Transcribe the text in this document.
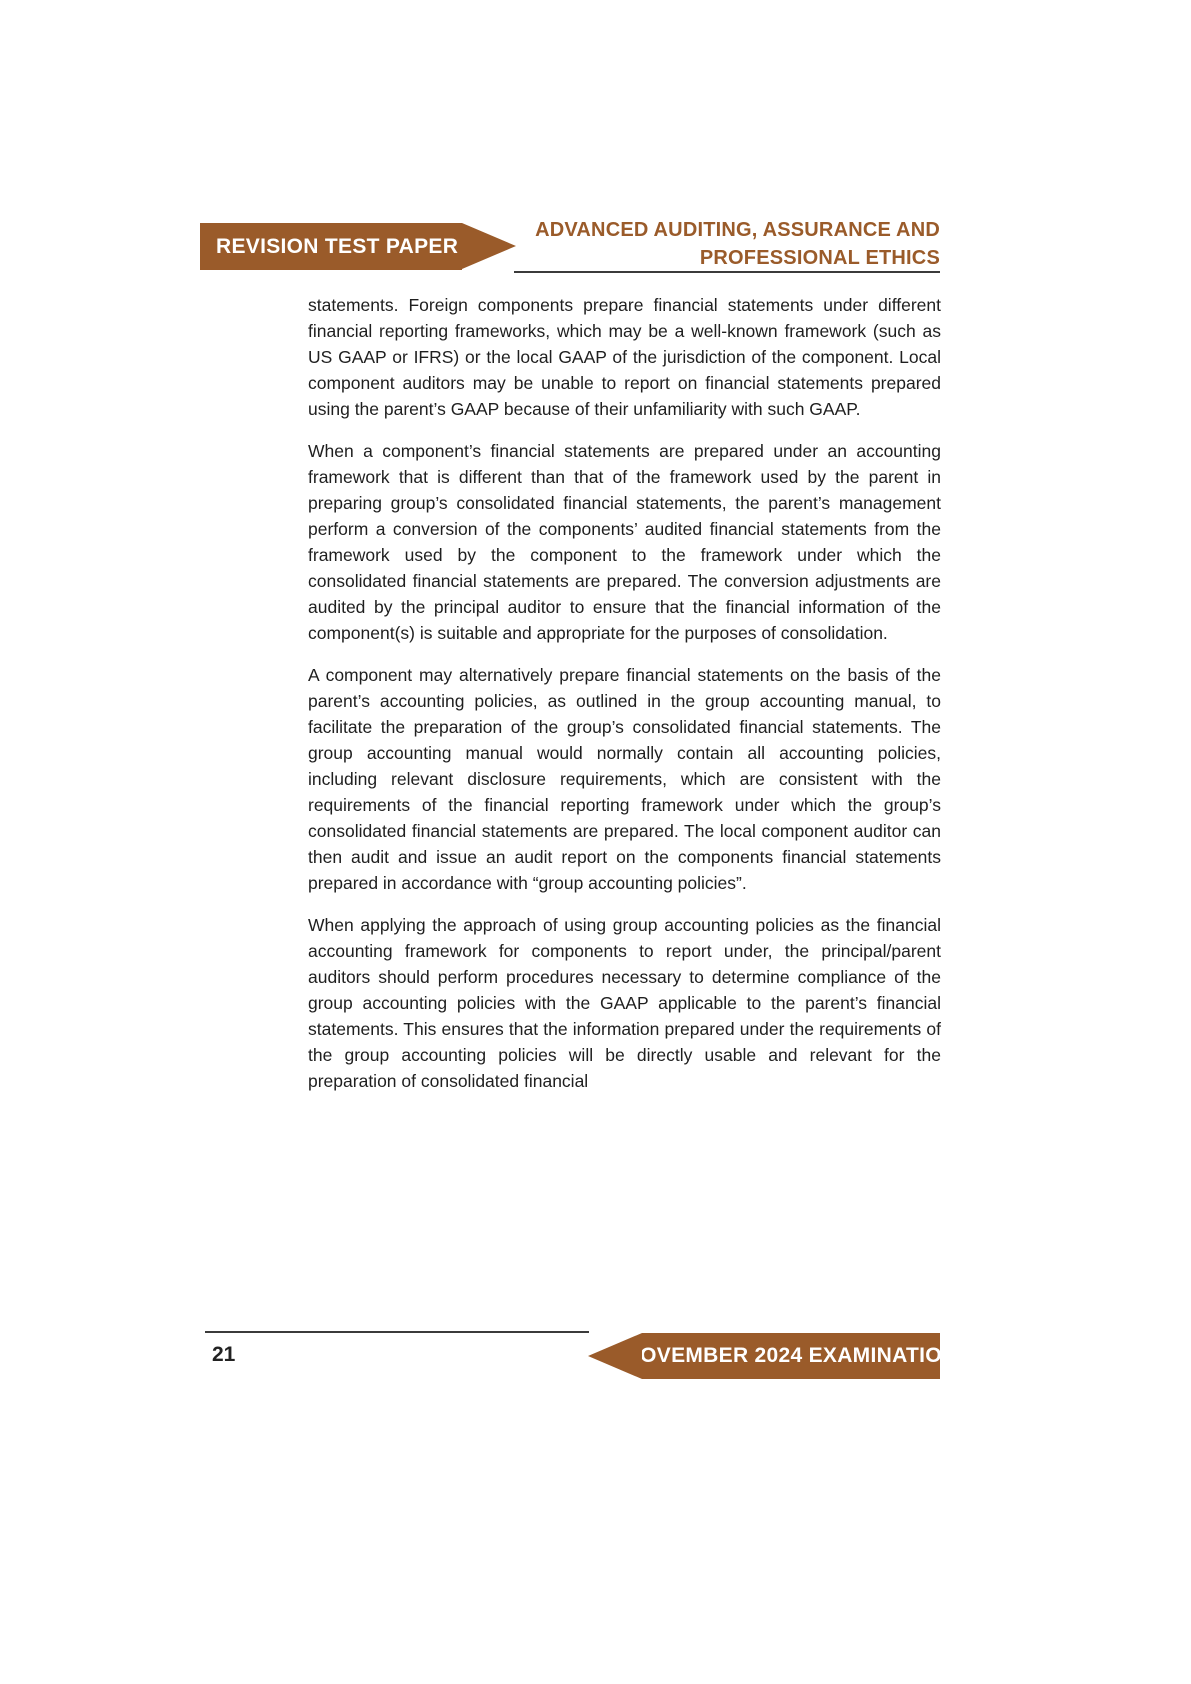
REVISION TEST PAPER
ADVANCED AUDITING, ASSURANCE AND
PROFESSIONAL ETHICS

statements. Foreign components prepare financial statements under different financial reporting frameworks, which may be a well-known framework (such as US GAAP or IFRS) or the local GAAP of the jurisdiction of the component. Local component auditors may be unable to report on financial statements prepared using the parent’s GAAP because of their unfamiliarity with such GAAP.

When a component’s financial statements are prepared under an accounting framework that is different than that of the framework used by the parent in preparing group’s consolidated financial statements, the parent’s management perform a conversion of the components’ audited financial statements from the framework used by the component to the framework under which the consolidated financial statements are prepared. The conversion adjustments are audited by the principal auditor to ensure that the financial information of the component(s) is suitable and appropriate for the purposes of consolidation.

A component may alternatively prepare financial statements on the basis of the parent’s accounting policies, as outlined in the group accounting manual, to facilitate the preparation of the group’s consolidated financial statements. The group accounting manual would normally contain all accounting policies, including relevant disclosure requirements, which are consistent with the requirements of the financial reporting framework under which the group’s consolidated financial statements are prepared. The local component auditor can then audit and issue an audit report on the components financial statements prepared in accordance with “group accounting policies”.

When applying the approach of using group accounting policies as the financial accounting framework for components to report under, the principal/parent auditors should perform procedures necessary to determine compliance of the group accounting policies with the GAAP applicable to the parent’s financial statements. This ensures that the information prepared under the requirements of the group accounting policies will be directly usable and relevant for the preparation of consolidated financial

21	NOVEMBER 2024 EXAMINATION
